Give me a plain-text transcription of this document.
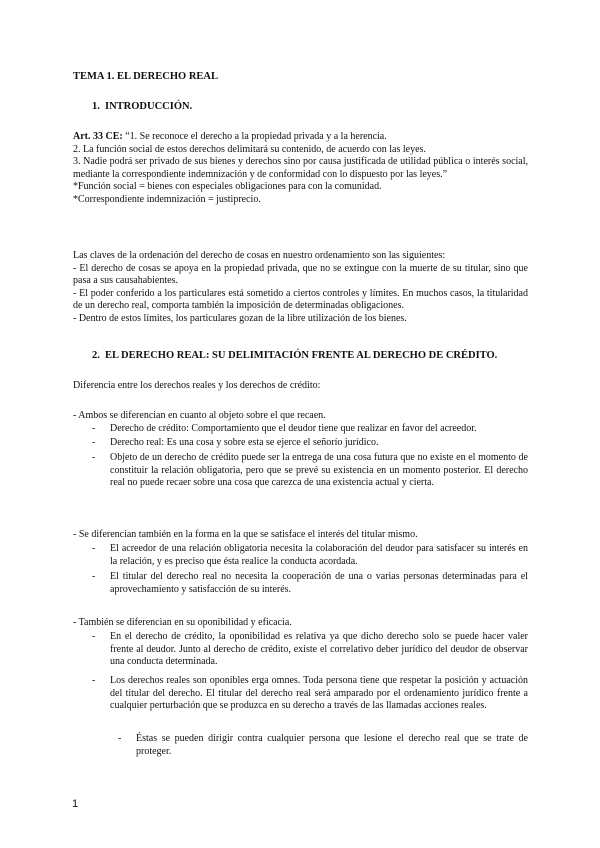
TEMA 1. EL DERECHO REAL
1. INTRODUCCIÓN.

Art. 33 CE: “1. Se reconoce el derecho a la propiedad privada y a la herencia.

2. La función social de estos derechos delimitará su contenido, de acuerdo con las leyes.

3. Nadie podrá ser privado de sus bienes y derechos sino por causa justificada de utilidad pública o interés social, mediante la correspondiente indemnización y de conformidad con lo dispuesto por las leyes.”

*Función social = bienes con especiales obligaciones para con la comunidad.

*Correspondiente indemnización = justiprecio.

Las claves de la ordenación del derecho de cosas en nuestro ordenamiento son las siguientes:

- El derecho de cosas se apoya en la propiedad privada, que no se extingue con la muerte de su titular, sino que pasa a sus causahabientes.

- El poder conferido a los particulares está sometido a ciertos controles y límites. En muchos casos, la titularidad de un derecho real, comporta también la imposición de determinadas obligaciones.

- Dentro de estos límites, los particulares gozan de la libre utilización de los bienes.

2. EL DERECHO REAL: SU DELIMITACIÓN FRENTE AL DERECHO DE CRÉDITO.
Diferencia entre los derechos reales y los derechos de crédito:
- Ambos se diferencian en cuanto al objeto sobre el que recaen.
- Derecho de crédito: Comportamiento que el deudor tiene que realizar en favor del acreedor.
- Derecho real: Es una cosa y sobre esta se ejerce el señorío jurídico.
- Objeto de un derecho de crédito puede ser la entrega de una cosa futura que no existe en el momento de constituir la relación obligatoria, pero que se prevé su existencia en un momento posterior. El derecho real no puede recaer sobre una cosa que carezca de una existencia actual y cierta.
- Se diferencian también en la forma en la que se satisface el interés del titular mismo.
- El acreedor de una relación obligatoria necesita la colaboración del deudor para satisfacer su interés en la relación, y es preciso que ésta realice la conducta acordada.
- El titular del derecho real no necesita la cooperación de una o varias personas determinadas para el aprovechamiento y satisfacción de su interés.
- También se diferencian en su oponibilidad y eficacia.
- En el derecho de crédito, la oponibilidad es relativa ya que dicho derecho solo se puede hacer valer frente al deudor. Junto al derecho de crédito, existe el correlativo deber jurídico del deudor de observar una conducta determinada.
- Los derechos reales son oponibles erga omnes. Toda persona tiene que respetar la posición y actuación del titular del derecho. El titular del derecho real será amparado por el ordenamiento jurídico frente a cualquier perturbación que se produzca en su derecho a través de las llamadas acciones reales.
- Éstas se pueden dirigir contra cualquier persona que lesione el derecho real que se trate de proteger.
1
